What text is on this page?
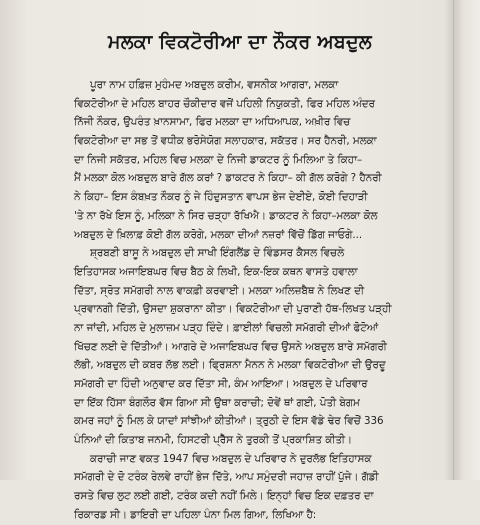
ਮਲਕਾ ਵਿਕਟੋਰੀਆ ਦਾ ਨੌਕਰ ਅਬਦੁਲ
ਪੂਰਾ ਨਾਮ ਹਫ਼ਿਜ਼ ਮੁਹੰਮਦ ਅਬਦੁਲ ਕਰੀਮ, ਵਸਨੀਕ ਆਗਰਾ, ਮਲਕਾ
ਵਿਕਟੋਰੀਆ ਦੇ ਮਹਿਲ ਬਾਹਰ ਚੌਕੀਦਾਰ ਵਜੋਂ ਪਹਿਲੀ ਨਿਯੁਕਤੀ, ਫਿਰ ਮਹਿਲ ਅੰਦਰ
ਨਿੱਜੀ ਨੌਕਰ, ਉਪਰੰਤ ਖ਼ਾਨਸਾਮਾ, ਫਿਰ ਮਲਕਾ ਦਾ ਅਧਿਆਪਕ, ਅਖ਼ੀਰ ਵਿਚ
ਵਿਕਟੋਰੀਆ ਦਾ ਸਭ ਤੋਂ ਵਧੀਕ ਭਰੋਸੇਯੋਗ ਸਲਾਹਕਾਰ, ਸਕੱਤਰ। ਸਰ ਹੈਨਰੀ, ਮਲਕਾ
ਦਾ ਨਿਜੀ ਸਕੱਤਰ, ਮਹਿਲ ਵਿਚ ਮਲਕਾ ਦੇ ਨਿਜੀ ਡਾਕਟਰ ਨੂੰ ਮਿਲਿਆ ਤੇ ਕਿਹਾ–
ਮੈਂ ਮਲਕਾ ਕੋਲ ਅਬਦੁਲ ਬਾਰੇ ਗੱਲ ਕਰਾਂ ? ਡਾਕਟਰ ਨੇ ਕਿਹਾ– ਕੀ ਗੱਲ ਕਰੋਗੇ ? ਹੈਨਰੀ
ਨੇ ਕਿਹਾ– ਇਸ ਕੰਬਖ਼ਤ ਨੌਕਰ ਨੂੰ ਜੇ ਹਿੰਦੁਸਤਾਨ ਵਾਪਸ ਭੇਜ ਦੇਈਏ, ਕੋਈ ਦਿਹਾੜੀ
'ਤੇ ਨਾ ਰੱਖੇ ਇਸ ਨੂੰ, ਮਲਿਕਾ ਨੇ ਸਿਰ ਚੜ੍ਹਾ ਰੱਖਿਐ। ਡਾਕਟਰ ਨੇ ਕਿਹਾ–ਮਲਕਾ ਕੋਲ
ਅਬਦੁਲ ਦੇ ਖ਼ਿਲਾਫ਼ ਕੋਈ ਗੱਲ ਕਰੋਗੇ, ਮਲਕਾ ਦੀਆਂ ਨਜ਼ਰਾਂ ਵਿੱਚੋਂ ਡਿੱਗ ਜਾਓਗੇ...
ਸ਼੍ਰਬਣੀ ਬਾਸੂ ਨੇ ਅਬਦੁਲ ਦੀ ਸਾਖੀ ਇੰਗਲੈਂਡ ਦੇ ਵਿੰਡਸਰ ਕੈਸਲ ਵਿਚਲੇ
ਇਤਿਹਾਸਕ ਅਜਾਇਬਘਰ ਵਿਚ ਬੈਠ ਕੇ ਲਿਖੀ, ਇਕ-ਇਕ ਕਥਨ ਵਾਸਤੇ ਹਵਾਲਾ
ਦਿੱਤਾ, ਸ੍ਰੋਤ ਸਮੱਗਰੀ ਨਾਲ ਵਾਕਫ਼ੀ ਕਰਵਾਈ। ਮਲਕਾ ਅਲਿਜ਼ਬੈਥ ਨੇ ਲਿਖਣ ਦੀ
ਪ੍ਰਵਾਨਗੀ ਦਿੱਤੀ, ਉਸਦਾ ਸ਼ੁਕਰਾਨਾ ਕੀਤਾ। ਵਿਕਟੋਰੀਆ ਦੀ ਪੁਰਾਣੀ ਹੱਥ-ਲਿਖਤ ਪੜ੍ਹੀ
ਨਾ ਜਾਂਦੀ, ਮਹਿਲ ਦੇ ਮੁਲਾਜ਼ਮ ਪੜ੍ਹ ਦਿੰਦੇ। ਫ਼ਾਈਲਾਂ ਵਿਚਲੀ ਸਮੱਗਰੀ ਦੀਆਂ ਫੋਟੋਆਂ
ਖਿੱਚਣ ਲਈ ਦੇ ਦਿੱਤੀਆਂ। ਆਗਰੇ ਦੇ ਅਜਾਇਬਘਰ ਵਿਚ ਉਸਨੇ ਅਬਦੁਲ ਬਾਰੇ ਸਮੱਗਰੀ
ਲੱਭੀ, ਅਬਦੁਲ ਦੀ ਕਬਰ ਲੱਭ ਲਈ। ਫ੍ਰਿਸ਼ਨਾ ਮੈਨਨ ਨੇ ਮਲਕਾ ਵਿਕਟੋਰੀਆ ਦੀ ਉਰਦੂ
ਸਮੱਗਰੀ ਦਾ ਹਿੰਦੀ ਅਨੁਵਾਦ ਕਰ ਦਿੱਤਾ ਸੀ, ਕੰਮ ਆਇਆ। ਅਬਦੁਲ ਦੇ ਪਰਿਵਾਰ
ਦਾ ਇੱਕ ਹਿੱਸਾ ਬੰਗਲੌਰ ਵੱਸ ਗਿਆ ਸੀ ਉਥਾ ਕਰਾਚੀ; ਦੋਵੇਂ ਥਾਂ ਗਈ, ਪੋਤੀ ਬੇਗਮ
ਕਮਰ ਜਹਾਂ ਨੂੰ ਮਿਲ ਕੇ ਯਾਦਾਂ ਸਾਂਝੀਆਂ ਕੀਤੀਆਂ। ਤ੍ਰੁਠੀ ਦੇ ਇਸ ਵੱਡੇ ਢੇਰ ਵਿਚੋਂ 336
ਪੰਨਿਆਂ ਦੀ ਕਿਤਾਬ ਜਨਮੀ, ਹਿਸਟਰੀ ਪ੍ਰੈੱਸ ਨੇ ਤੁਰਕੀ ਤੋਂ ਪ੍ਰਕਾਸ਼ਿਤ ਕੀਤੀ।
ਕਰਾਚੀ ਜਾਣ ਵਕਤ 1947 ਵਿਚ ਅਬਦੁਲ ਦੇ ਪਰਿਵਾਰ ਨੇ ਦੁਰਲੱਭ ਇਤਿਹਾਸਕ
ਸਮੱਗਰੀ ਦੇ ਦੋ ਟਰੰਕ ਰੇਲਵੇ ਰਾਹੀਂ ਭੇਜ ਦਿੱਤੇ, ਆਪ ਸਮੁੰਦਰੀ ਜਹਾਜ਼ ਰਾਹੀਂ ਪੁੱਜੇ। ਗੱਡੀ
ਰਸਤੇ ਵਿਚ ਲੁਟ ਲਈ ਗਈ, ਟਰੰਕ ਕਦੀ ਨਹੀਂ ਮਿਲੇ। ਇਨ੍ਹਾਂ ਵਿਚ ਇਕ ਦਫ਼ਤਰ ਦਾ
ਰਿਕਾਰਡ ਸੀ। ਡਾਇਰੀ ਦਾ ਪਹਿਲਾ ਪੰਨਾ ਮਿਲ ਗਿਆ, ਲਿਖਿਆ ਹੈ:
